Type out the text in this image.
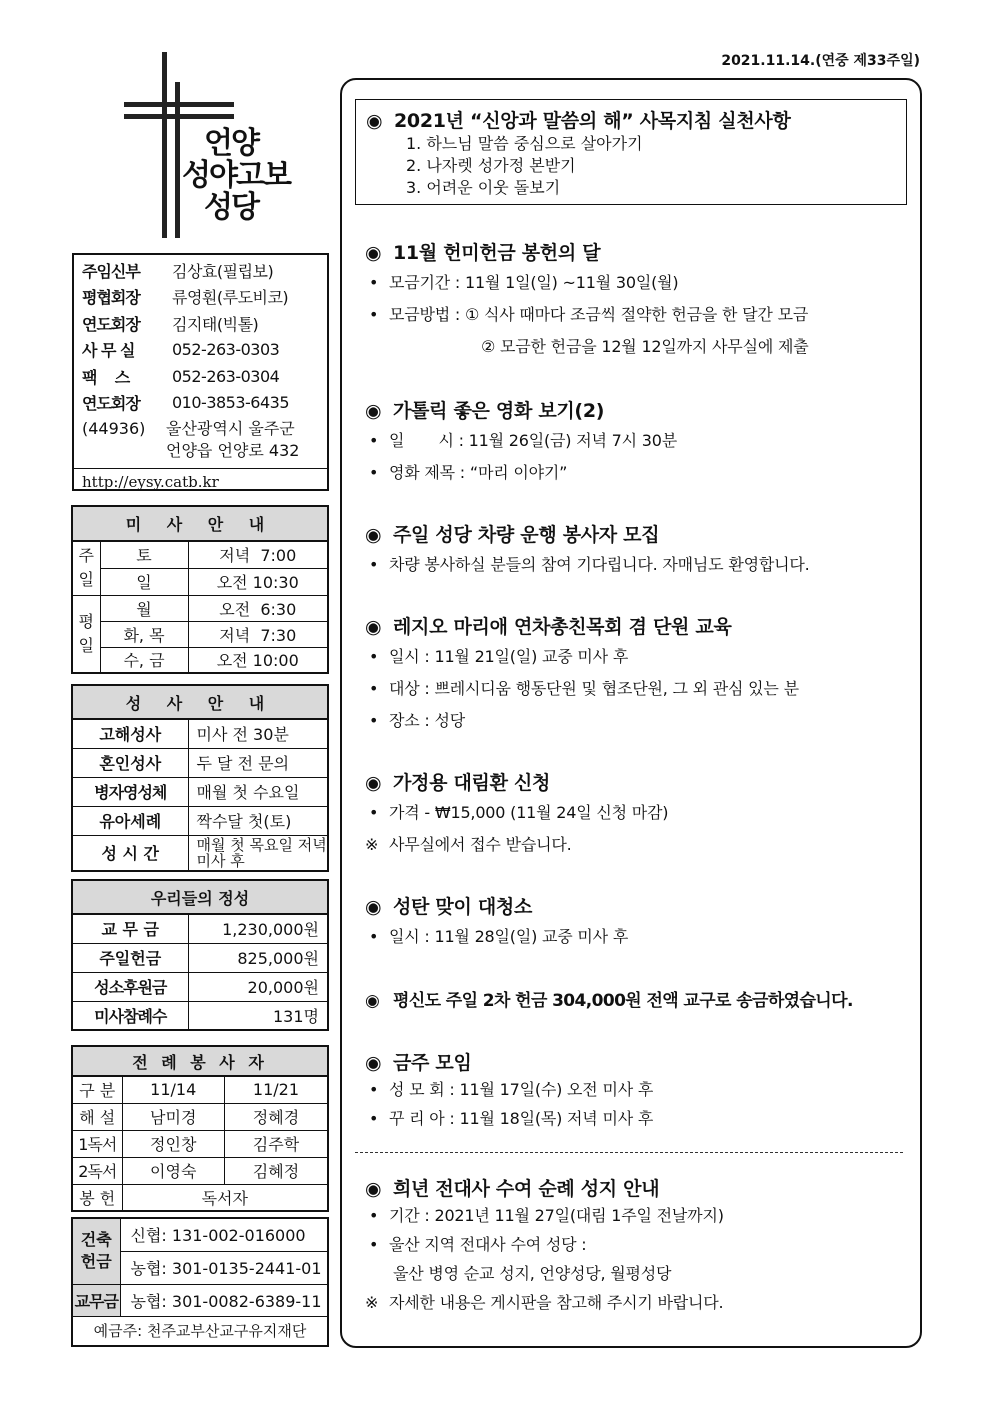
2021.11.14.(연중 제33주일)
언양
성야고보
성당
주임신부	김상효(필립보)
평협회장	류영훤(루도비코)
연도회장	김지태(빅톨)
사 무 실	052-263-0303
팩    스	052-263-0304
연도회장	010-3853-6435
(44936)	울산광역시 울주군
언양읍 언양로 432
http://eysy.catb.kr
미 사 안 내		
주일	토	저녁  7:00
	일	오전 10:30
평일	월	오전  6:30
	화, 목	저녁  7:30
	수, 금	오전 10:00
성 사 안 내	
고해성사	미사 전 30분
혼인성사	두 달 전 문의
병자영성체	매월 첫 수요일
유아세례	짝수달 첫(토)
성 시 간	매월 첫 목요일 저녁미사 후
우리들의 정성	
교 무 금	1,230,000원
주일헌금	825,000원
성소후원금	20,000원
미사참례수	131명
전 례 봉 사 자		
구 분	11/14	11/21
해 설	남미경	정혜경
1독서	정인창	김주학
2독서	이영숙	김혜정
봉 헌	독서자	
건축
헌금	신협: 131-002-016000
	농협: 301-0135-2441-01
교무금	농협: 301-0082-6389-11
예금주: 천주교부산교구유지재단	
◉ 2021년 “신앙과 말씀의 해” 사목지침 실천사항
1. 하느님 말씀 중심으로 살아가기
2. 나자렛 성가정 본받기
3. 어려운 이웃 돌보기
◉ 11월 헌미헌금 봉헌의 달
• 모금기간 : 11월 1일(일) ~11월 30일(월)
• 모금방법 : ① 식사 때마다 조금씩 절약한 헌금을 한 달간 모금
② 모금한 헌금을 12월 12일까지 사무실에 제출
◉ 가톨릭 좋은 영화 보기(2)
• 일       시 : 11월 26일(금) 저녁 7시 30분
• 영화 제목 : “마리 이야기”
◉ 주일 성당 차량 운행 봉사자 모집
• 차량 봉사하실 분들의 참여 기다립니다. 자매님도 환영합니다.
◉ 레지오 마리애 연차총친목회 겸 단원 교육
• 일시 : 11월 21일(일) 교중 미사 후
• 대상 : 쁘레시디움 행동단원 및 협조단원, 그 외 관심 있는 분
• 장소 : 성당
◉ 가정용 대림환 신청
• 가격 - ₩15,000 (11월 24일 신청 마감)
※ 사무실에서 접수 받습니다.
◉ 성탄 맞이 대청소
• 일시 : 11월 28일(일) 교중 미사 후
◉ 평신도 주일 2차 헌금 304,000원 전액 교구로 송금하였습니다.
◉ 금주 모임
• 성 모 회 : 11월 17일(수) 오전 미사 후
• 꾸 리 아 : 11월 18일(목) 저녁 미사 후
◉ 희년 전대사 수여 순례 성지 안내
• 기간 : 2021년 11월 27일(대림 1주일 전날까지)
• 울산 지역 전대사 수여 성당 :
울산 병영 순교 성지, 언양성당, 월평성당
※ 자세한 내용은 게시판을 참고해 주시기 바랍니다.
